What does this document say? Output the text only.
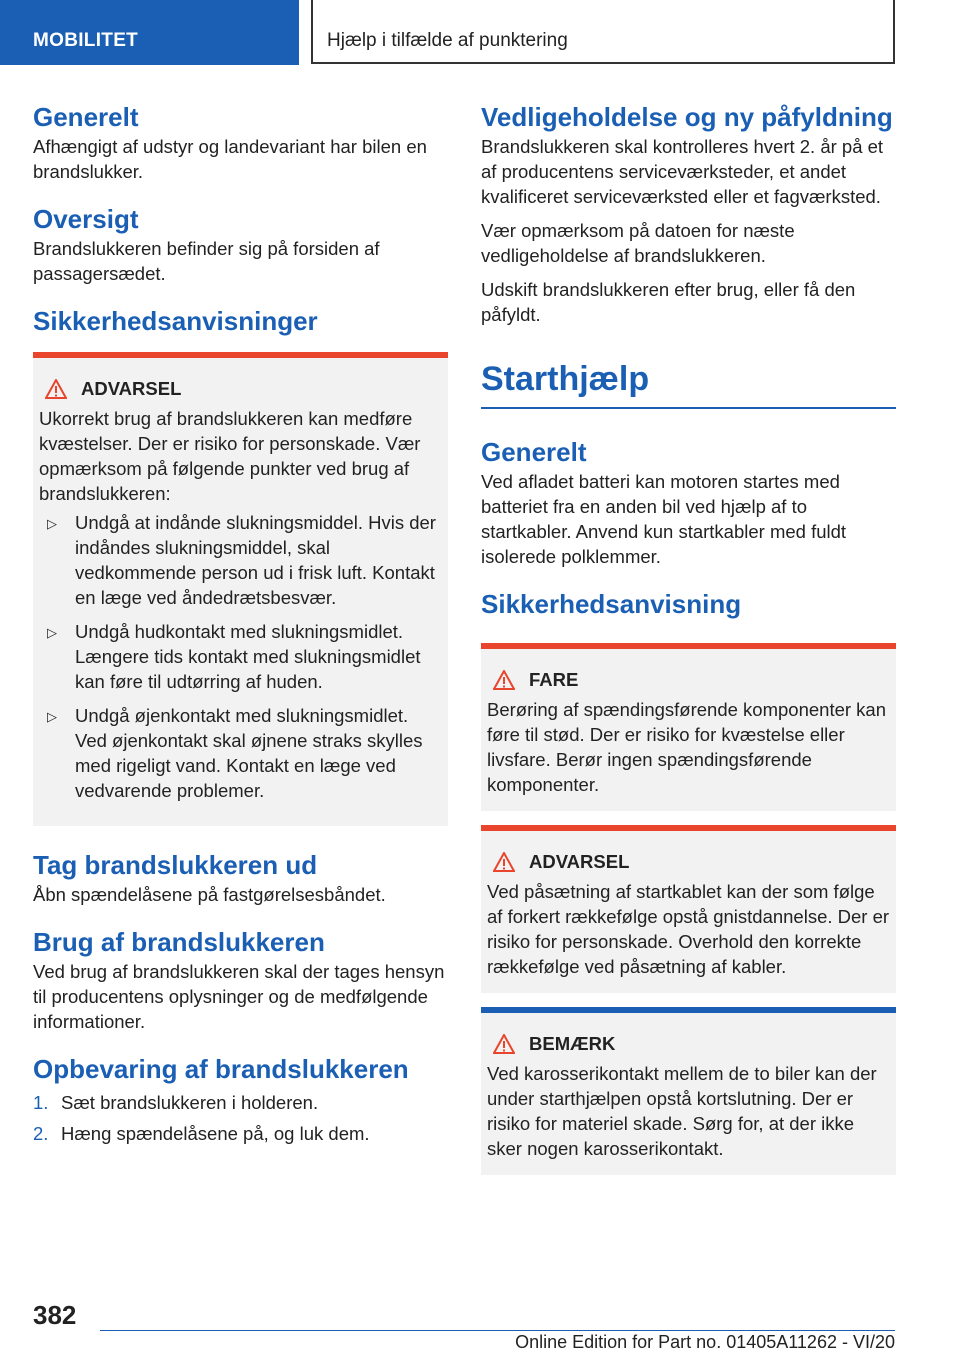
MOBILITET	Hjælp i tilfælde af punktering
Generelt

Afhængigt af udstyr og landevariant har bilen en brandslukker.

Oversigt

Brandslukkeren befinder sig på forsiden af passagersædet.

Sikkerhedsanvisninger
ADVARSEL

Ukorrekt brug af brandslukkeren kan medføre kvæstelser. Der er risiko for personskade. Vær opmærksom på følgende punkter ved brug af brandslukkeren:

▷ Undgå at indånde slukningsmiddel. Hvis der indåndes slukningsmiddel, skal vedkommende person ud i frisk luft. Kontakt en læge ved åndedrætsbesvær.
▷ Undgå hudkontakt med slukningsmidlet. Længere tids kontakt med slukningsmidlet kan føre til udtørring af huden.
▷ Undgå øjenkontakt med slukningsmidlet. Ved øjenkontakt skal øjnene straks skylles med rigeligt vand. Kontakt en læge ved vedvarende problemer.
Tag brandslukkeren ud

Åbn spændelåsene på fastgørelsesbåndet.

Brug af brandslukkeren

Ved brug af brandslukkeren skal der tages hensyn til producentens oplysninger og de medfølgende informationer.

Opbevaring af brandslukkeren
1. Sæt brandslukkeren i holderen.
2. Hæng spændelåsene på, og luk dem.
Vedligeholdelse og ny påfyldning

Brandslukkeren skal kontrolleres hvert 2. år på et af producentens serviceværksteder, et andet kvalificeret serviceværksted eller et fagværksted.

Vær opmærksom på datoen for næste vedligeholdelse af brandslukkeren.

Udskift brandslukkeren efter brug, eller få den påfyldt.

Starthjælp
Generelt

Ved afladet batteri kan motoren startes med batteriet fra en anden bil ved hjælp af to startkabler. Anvend kun startkabler med fuldt isolerede polklemmer.

Sikkerhedsanvisning
FARE

Berøring af spændingsførende komponenter kan føre til stød. Der er risiko for kvæstelse eller livsfare. Berør ingen spændingsførende komponenter.

ADVARSEL

Ved påsætning af startkablet kan der som følge af forkert rækkefølge opstå gnistdannelse. Der er risiko for personskade. Overhold den korrekte rækkefølge ved påsætning af kabler.

BEMÆRK

Ved karosserikontakt mellem de to biler kan der under starthjælpen opstå kortslutning. Der er risiko for materiel skade. Sørg for, at der ikke sker nogen karosserikontakt.

382
Online Edition for Part no. 01405A11262 - VI/20
